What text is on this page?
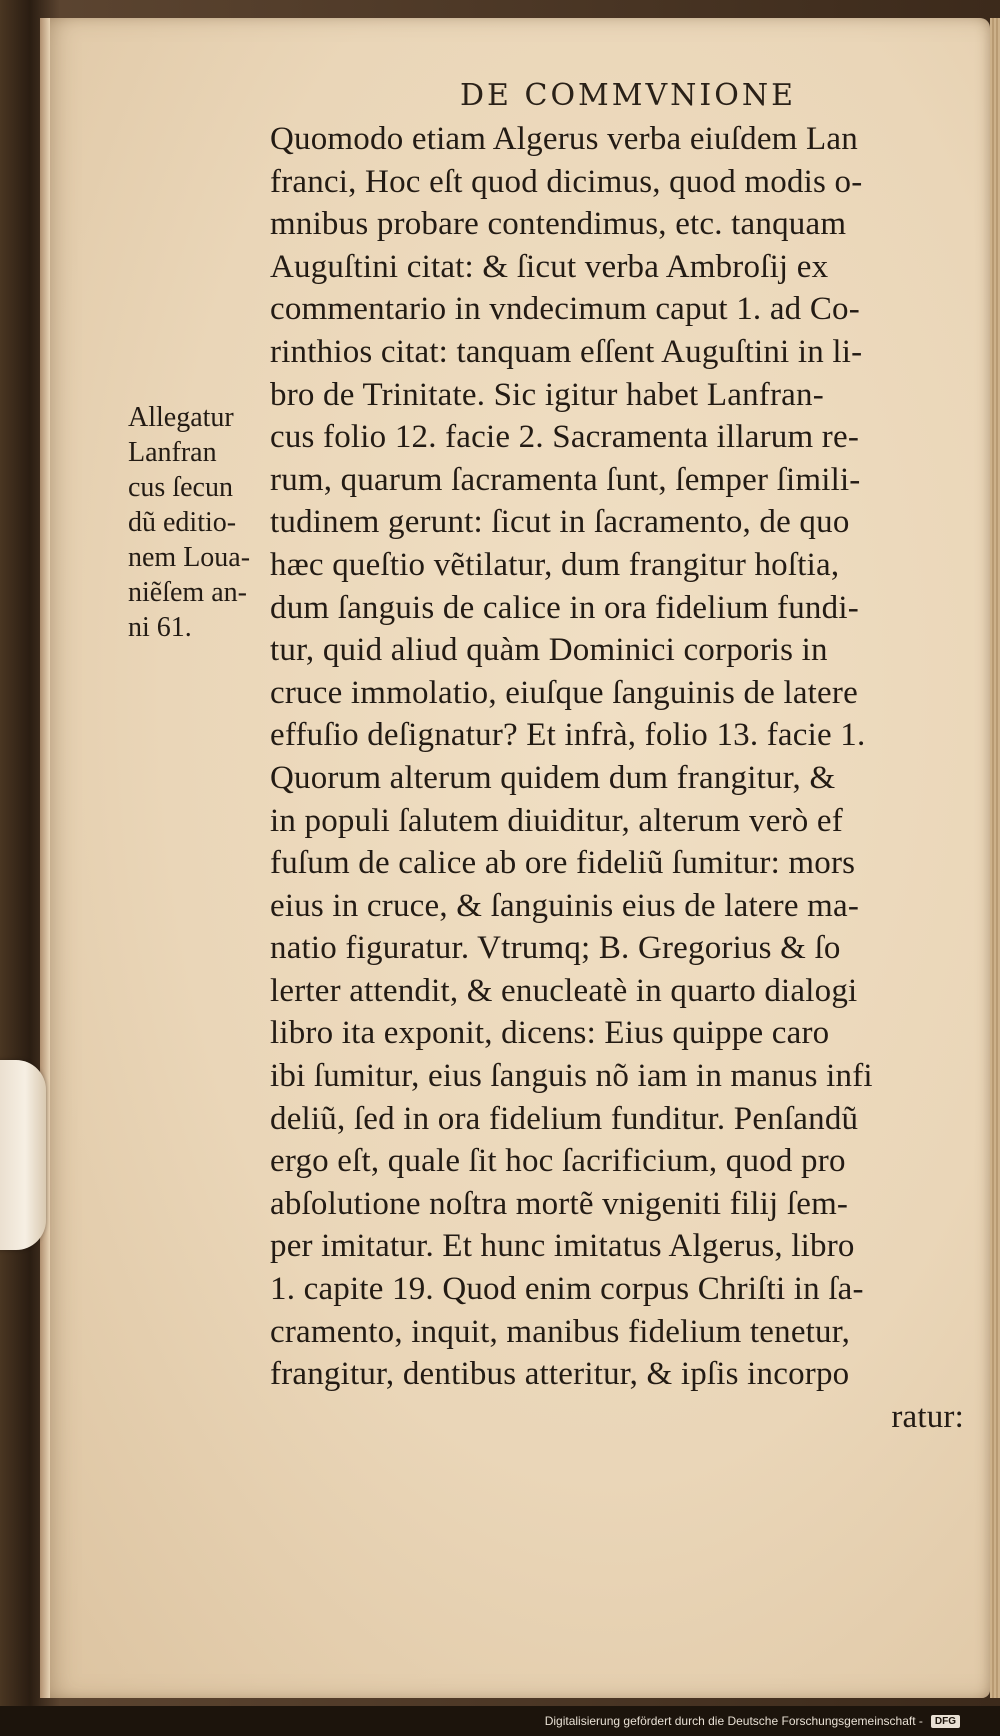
DE COMMVNIONE
Allegatur
Lanfran
cus ſecun
dũ editio-
nem Loua-
niẽſem an-
ni 61.
Quomodo etiam Algerus verba eiuſdem Lan
franci, Hoc eſt quod dicimus, quod modis o-
mnibus probare contendimus, etc. tanquam
Auguſtini citat: & ſicut verba Ambroſij ex
commentario in vndecimum caput 1. ad Co-
rinthios citat: tanquam eſſent Auguſtini in li-
bro de Trinitate. Sic igitur habet Lanfran-
cus folio 12. facie 2. Sacramenta illarum re-
rum, quarum ſacramenta ſunt, ſemper ſimili-
tudinem gerunt: ſicut in ſacramento, de quo
hæc queſtio vẽtilatur, dum frangitur hoſtia,
dum ſanguis de calice in ora fidelium fundi-
tur, quid aliud quàm Dominici corporis in
cruce immolatio, eiuſque ſanguinis de latere
effuſio deſignatur? Et infrà, folio 13. facie 1.
Quorum alterum quidem dum frangitur, &
in populi ſalutem diuiditur, alterum verò ef
fuſum de calice ab ore fideliũ ſumitur: mors
eius in cruce, & ſanguinis eius de latere ma-
natio figuratur. Vtrumq; B. Gregorius & ſo
lerter attendit, & enucleatè in quarto dialogi
libro ita exponit, dicens: Eius quippe caro
ibi ſumitur, eius ſanguis nõ iam in manus infi
deliũ, ſed in ora fidelium funditur. Penſandũ
ergo eſt, quale ſit hoc ſacrificium, quod pro
abſolutione noſtra mortẽ vnigeniti filij ſem-
per imitatur. Et hunc imitatus Algerus, libro
1. capite 19. Quod enim corpus Chriſti in ſa-
cramento, inquit, manibus fidelium tenetur,
frangitur, dentibus atteritur, & ipſis incorpo
ratur:
Digitalisierung gefördert durch die Deutsche Forschungsgemeinschaft -	DFG
